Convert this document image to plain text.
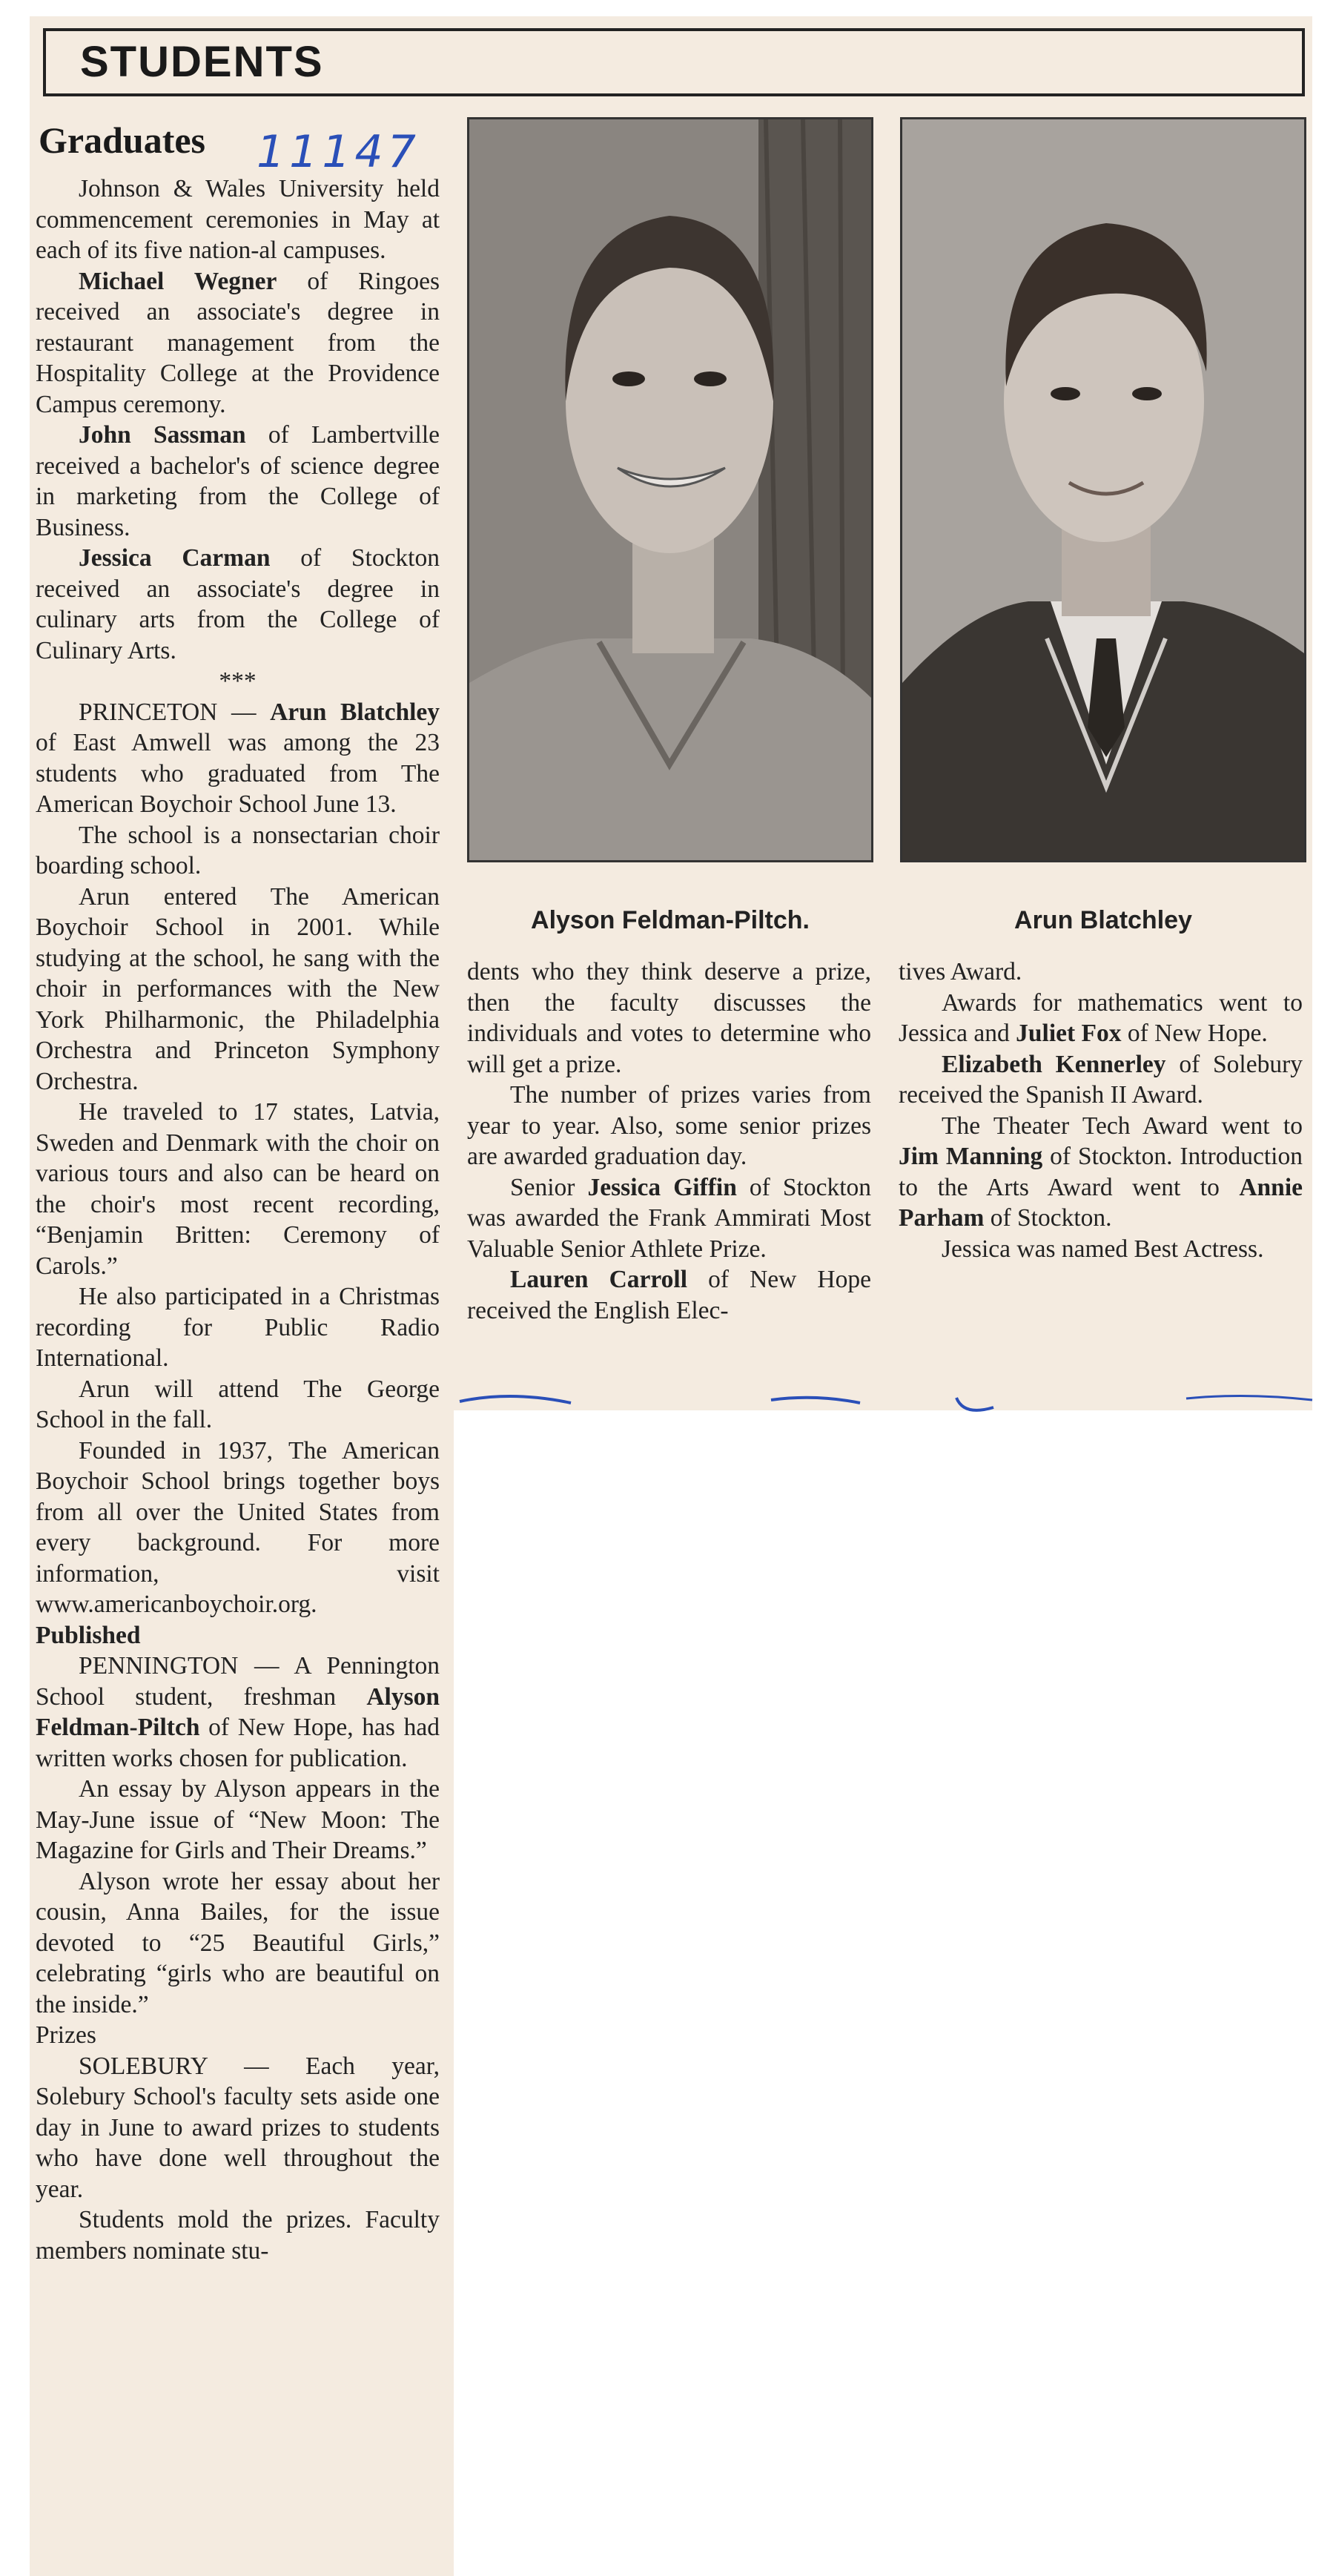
STUDENTS
Graduates 11147

Johnson & Wales University held commencement ceremonies in May at each of its five nation-al campuses.

Michael Wegner of Ringoes received an associate's degree in restaurant management from the Hospitality College at the Providence Campus ceremony.

John Sassman of Lambertville received a bachelor's of science degree in marketing from the College of Business.

Jessica Carman of Stockton received an associate's degree in culinary arts from the College of Culinary Arts.

***

PRINCETON — Arun Blatchley of East Amwell was among the 23 students who graduated from The American Boychoir School June 13.

The school is a nonsectarian choir boarding school.

Arun entered The American Boychoir School in 2001. While studying at the school, he sang with the choir in performances with the New York Philharmonic, the Philadelphia Orchestra and Princeton Symphony Orchestra.

He traveled to 17 states, Latvia, Sweden and Denmark with the choir on various tours and also can be heard on the choir's most recent recording, “Benjamin Britten: Ceremony of Carols.”

He also participated in a Christmas recording for Public Radio International.

Arun will attend The George School in the fall.

Founded in 1937, The American Boychoir School brings together boys from all over the United States from every background. For more information, visit www.americanboychoir.org.

Published

PENNINGTON — A Pennington School student, freshman Alyson Feldman-Piltch of New Hope, has had written works chosen for publication.

An essay by Alyson appears in the May-June issue of “New Moon: The Magazine for Girls and Their Dreams.”

Alyson wrote her essay about her cousin, Anna Bailes, for the issue devoted to “25 Beautiful Girls,” celebrating “girls who are beautiful on the inside.”

Prizes

SOLEBURY — Each year, Solebury School's faculty sets aside one day in June to award prizes to students who have done well throughout the year.

Students mold the prizes. Faculty members nominate stu-

Alyson Feldman-Piltch.	Arun Blatchley

dents who they think deserve a prize, then the faculty discusses the individuals and votes to determine who will get a prize.

The number of prizes varies from year to year. Also, some senior prizes are awarded graduation day.

Senior Jessica Giffin of Stockton was awarded the Frank Ammirati Most Valuable Senior Athlete Prize.

Lauren Carroll of New Hope received the English Elec-

tives Award.

Awards for mathematics went to Jessica and Juliet Fox of New Hope.

Elizabeth Kennerley of Solebury received the Spanish II Award.

The Theater Tech Award went to Jim Manning of Stockton. Introduction to the Arts Award went to Annie Parham of Stockton.

Jessica was named Best Actress.
